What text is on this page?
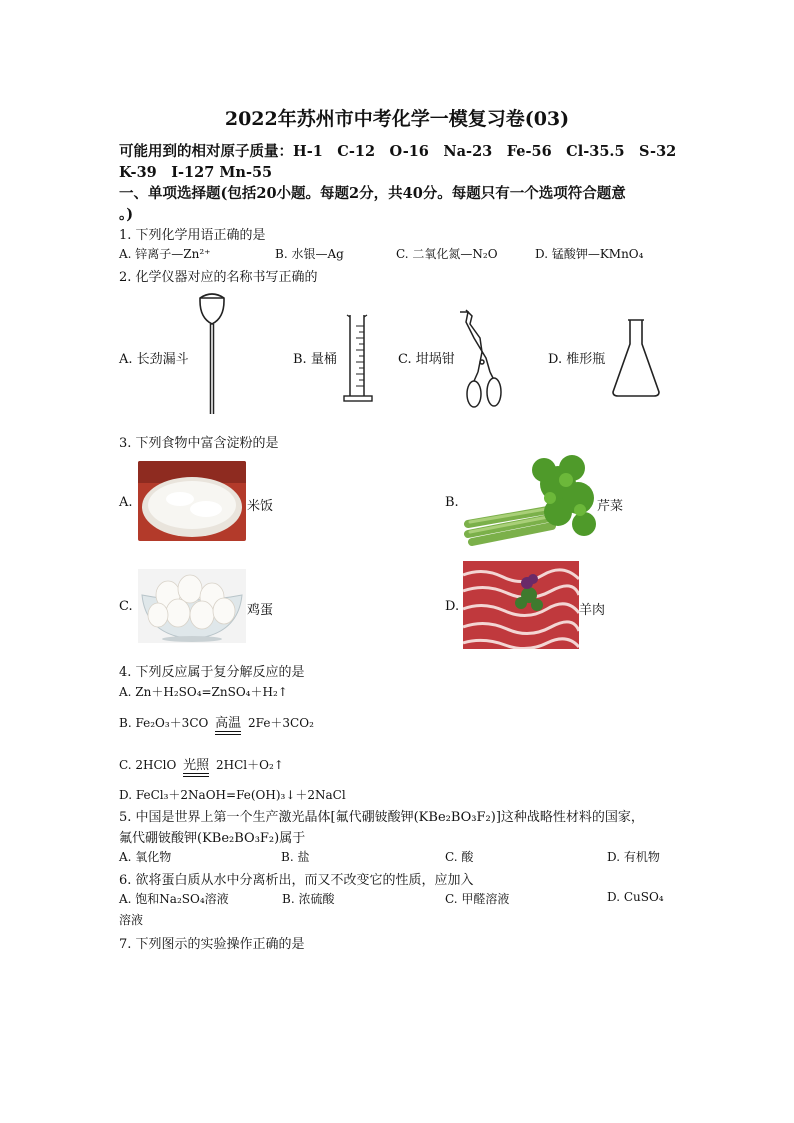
2022年苏州市中考化学一模复习卷(03)
可能用到的相对原子质量：H-1　C-12　O-16　Na-23　Fe-56　Cl-35.5　S-32
K-39　I-127 Mn-55
一、单项选择题(包括20小题。每题2分，共40分。每题只有一个选项符合题意
。)
1. 下列化学用语正确的是
A. 锌离子—Zn²⁺	B. 水银—Ag	C. 二氧化氮—N₂O	D. 锰酸钾—KMnO₄
2. 化学仪器对应的名称书写正确的
A. 长劲漏斗	B. 量桶	C. 坩埚钳	D. 椎形瓶
3. 下列食物中富含淀粉的是
A.	米饭	B.	芹菜
C.	鸡蛋	D.	羊肉
4. 下列反应属于复分解反应的是
A. Zn＋H₂SO₄=ZnSO₄＋H₂↑
B. Fe₂O₃＋3CO 高温 2Fe＋3CO₂
C. 2HClO 光照 2HCl＋O₂↑
D. FeCl₃＋2NaOH=Fe(OH)₃↓＋2NaCl
5. 中国是世界上第一个生产激光晶体[氟代硼铍酸钾(KBe₂BO₃F₂)]这种战略性材料的国家，
氟代硼铍酸钾(KBe₂BO₃F₂)属于
A. 氧化物	B. 盐	C. 酸	D. 有机物
6. 欲将蛋白质从水中分离析出，而又不改变它的性质，应加入
A. 饱和Na₂SO₄溶液	B. 浓硫酸	C. 甲醛溶液	D. CuSO₄
溶液
7. 下列图示的实验操作正确的是
